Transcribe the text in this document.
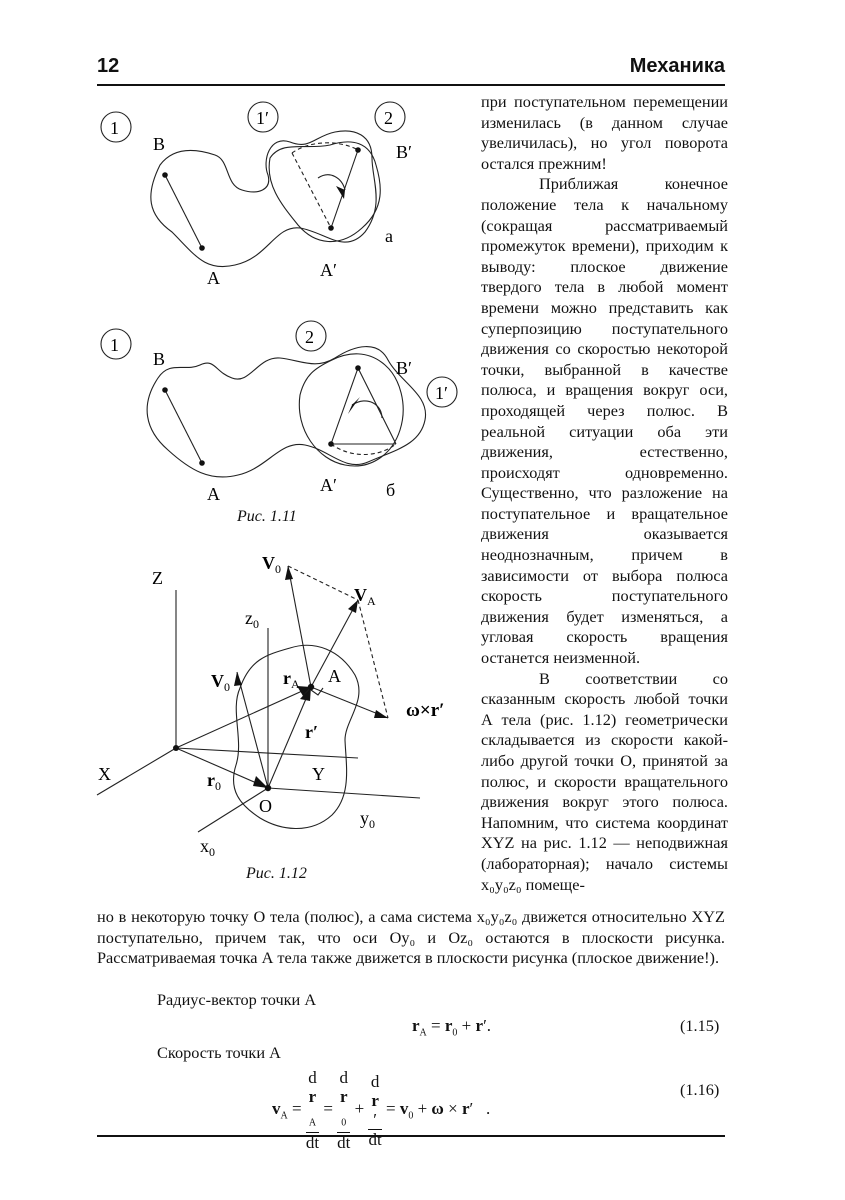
12	Механика
1	1′	2
B	B′
A	A′
а
1	2
1′
B	B′
A	A′	б
Z
X	Y
O
A
$z_0$
$y_0$
$x_0$
$V_0$
$V_A$
$V_0$	$r_A$
$r_0$
r′
ω×r′
Рис. 1.11
Рис. 1.12

при поступательном перемещении изменилась (в данном случае увеличилась), но угол поворота остался прежним!

Приближая конечное положение тела к начальному (сокращая рассматриваемый промежуток времени), приходим к выводу: плоское движение твердого тела в любой момент времени можно представить как суперпозицию поступательного движения со скоростью некоторой точки, выбранной в качестве полюса, и вращения вокруг оси, проходящей через полюс. В реальной ситуации оба эти движения, естественно, происходят одновременно. Существенно, что разложение на поступательное и вращательное движения оказывается неоднозначным, причем в зависимости от выбора полюса скорость поступательного движения будет изменяться, а угловая скорость вращения останется неизменной.

В соответствии со сказанным скорость любой точки А тела (рис. 1.12) геометрически складывается из скорости какой-либо другой точки О, принятой за полюс, и скорости вращательного движения вокруг этого полюса. Напомним, что система координат XYZ на рис. 1.12 — неподвижная (лабораторная); начало системы x₀y₀z₀ помеще-

но в некоторую точку О тела (полюс), а сама система x₀y₀z₀ движется относительно XYZ поступательно, причем так, что оси Oy₀ и Oz₀ остаются в плоскости рисунка. Рассматриваемая точка А тела также движется в плоскости рисунка (плоское движение!).

Радиус-вектор точки А
$r_A = r_0 + r'$.	(1.15)
Скорость точки А
$v_A = d$
r
$_A$
dt = d
r
$_0$
dt + d
r
′
dt = $v_0 + \omega \times r'$   .
(1.16)
